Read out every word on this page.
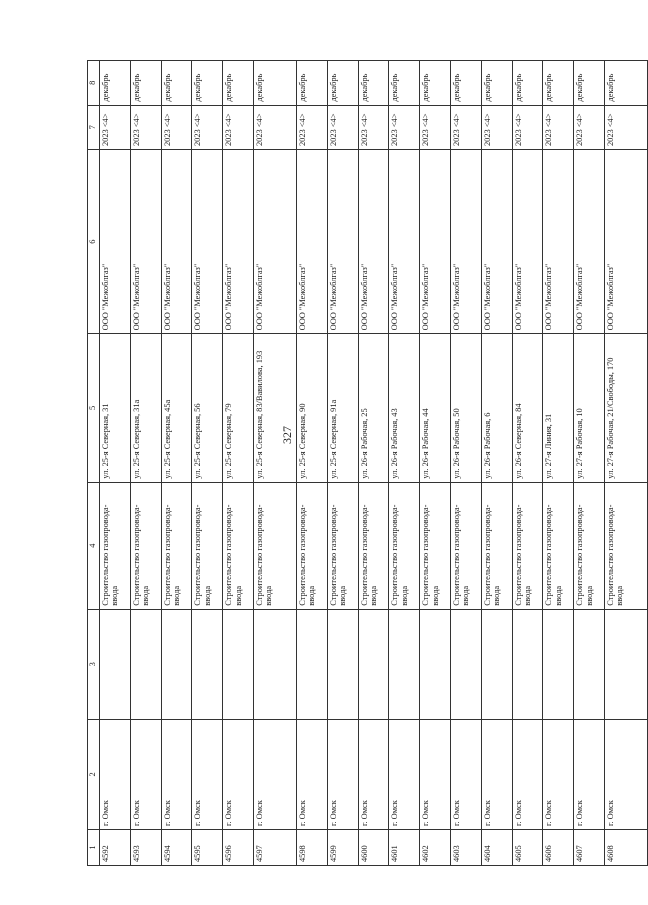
327
1	2	3	4	5	6	7	8
4592	г. Омск		Строительство газопровода-ввода	ул. 25-я Северная, 31	ООО "Межоблгаз"	2023 <4>	декабрь
4593	г. Омск		Строительство газопровода-ввода	ул. 25-я Северная, 31а	ООО "Межоблгаз"	2023 <4>	декабрь
4594	г. Омск		Строительство газопровода-ввода	ул. 25-я Северная, 45а	ООО "Межоблгаз"	2023 <4>	декабрь
4595	г. Омск		Строительство газопровода-ввода	ул. 25-я Северная, 56	ООО "Межоблгаз"	2023 <4>	декабрь
4596	г. Омск		Строительство газопровода-ввода	ул. 25-я Северная, 79	ООО "Межоблгаз"	2023 <4>	декабрь
4597	г. Омск		Строительство газопровода-ввода	ул. 25-я Северная, 83/Вавилова, 193	ООО "Межоблгаз"	2023 <4>	декабрь
4598	г. Омск		Строительство газопровода-ввода	ул. 25-я Северная, 90	ООО "Межоблгаз"	2023 <4>	декабрь
4599	г. Омск		Строительство газопровода-ввода	ул. 25-я Северная, 91а	ООО "Межоблгаз"	2023 <4>	декабрь
4600	г. Омск		Строительство газопровода-ввода	ул. 26-я Рабочая, 25	ООО "Межоблгаз"	2023 <4>	декабрь
4601	г. Омск		Строительство газопровода-ввода	ул. 26-я Рабочая, 43	ООО "Межоблгаз"	2023 <4>	декабрь
4602	г. Омск		Строительство газопровода-ввода	ул. 26-я Рабочая, 44	ООО "Межоблгаз"	2023 <4>	декабрь
4603	г. Омск		Строительство газопровода-ввода	ул. 26-я Рабочая, 50	ООО "Межоблгаз"	2023 <4>	декабрь
4604	г. Омск		Строительство газопровода-ввода	ул. 26-я Рабочая, 6	ООО "Межоблгаз"	2023 <4>	декабрь
4605	г. Омск		Строительство газопровода-ввода	ул. 26-я Северная, 84	ООО "Межоблгаз"	2023 <4>	декабрь
4606	г. Омск		Строительство газопровода-ввода	ул. 27-я Линия, 31	ООО "Межоблгаз"	2023 <4>	декабрь
4607	г. Омск		Строительство газопровода-ввода	ул. 27-я Рабочая, 10	ООО "Межоблгаз"	2023 <4>	декабрь
4608	г. Омск		Строительство газопровода-ввода	ул. 27-я Рабочая, 21/Свободы, 170	ООО "Межоблгаз"	2023 <4>	декабрь
